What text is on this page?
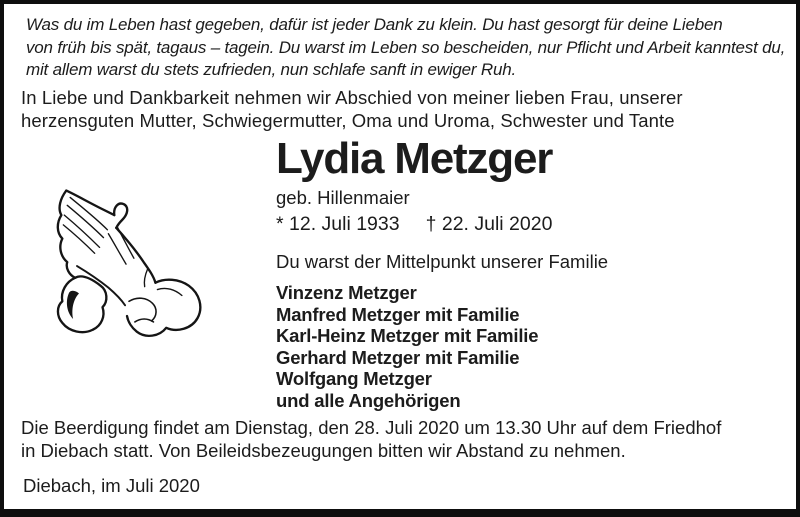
Was du im Leben hast gegeben, dafür ist jeder Dank zu klein. Du hast gesorgt für deine Lieben
von früh bis spät, tagaus – tagein. Du warst im Leben so bescheiden, nur Pflicht und Arbeit kanntest du,
mit allem warst du stets zufrieden, nun schlafe sanft in ewiger Ruh.
In Liebe und Dankbarkeit nehmen wir Abschied von meiner lieben Frau, unserer
herzensguten Mutter, Schwiegermutter, Oma und Uroma, Schwester und Tante
Lydia Metzger
geb. Hillenmaier
* 12. Juli 1933 † 22. Juli 2020
Du warst der Mittelpunkt unserer Familie
Vinzenz Metzger
Manfred Metzger mit Familie
Karl-Heinz Metzger mit Familie
Gerhard Metzger mit Familie
Wolfgang Metzger
und alle Angehörigen
Die Beerdigung findet am Dienstag, den 28. Juli 2020 um 13.30 Uhr auf dem Friedhof
in Diebach statt. Von Beileidsbezeugungen bitten wir Abstand zu nehmen.
Diebach, im Juli 2020
